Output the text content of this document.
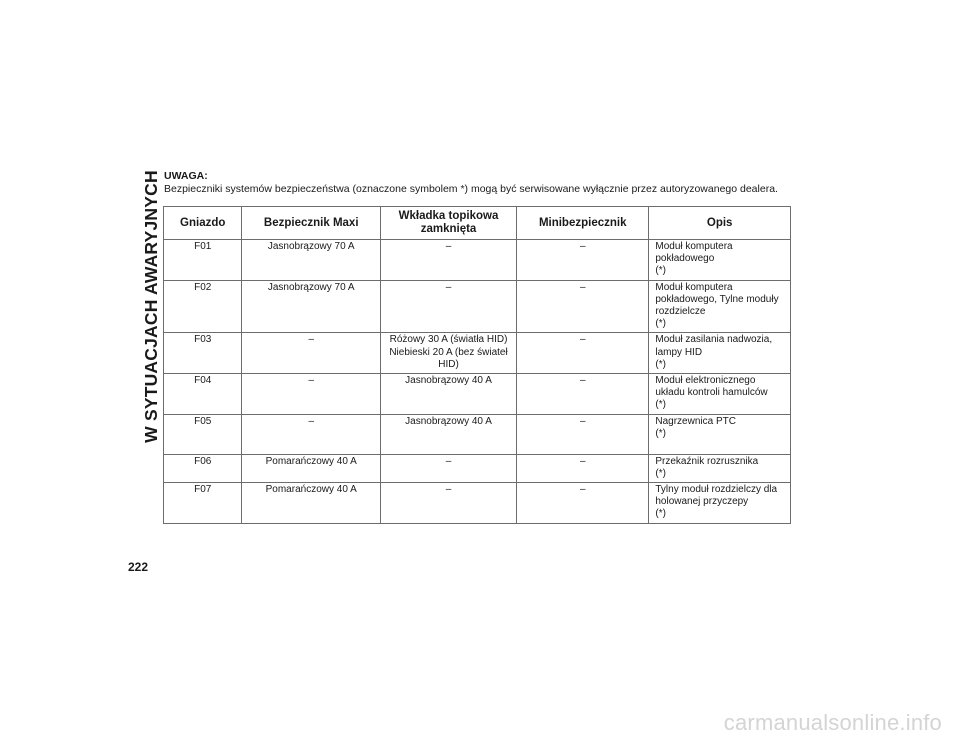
W SYTUACJACH AWARYJNYCH UWAGA:
Bezpieczniki systemów bezpieczeństwa (oznaczone symbolem *) mogą być serwisowane wyłącznie przez autoryzowanego dealera.
Gniazdo	Bezpiecznik Maxi	Wkładka topikowa zamknięta	Minibezpiecznik	Opis
F01	Jasnobrązowy 70 A	–	–	Moduł komputera
pokładowego
(*)

F02	Jasnobrązowy 70 A	–	–	Moduł komputera
pokładowego, Tylne moduły
rozdzielcze
(*)

F03	–	Różowy 30 A (światła HID) Niebieski 20 A (bez świateł HID)	–	Moduł zasilania nadwozia,
lampy HID
(*)

F04	–	Jasnobrązowy 40 A	–	Moduł elektronicznego
układu kontroli hamulców
(*)

F05	–	Jasnobrązowy 40 A	–	Nagrzewnica PTC
(*)

F06	Pomarańczowy 40 A	–	–	Przekaźnik rozrusznika
(*)

F07	Pomarańczowy 40 A	–	–	Tylny moduł rozdzielczy dla
holowanej przyczepy
(*)
222
carmanualsonline.info
